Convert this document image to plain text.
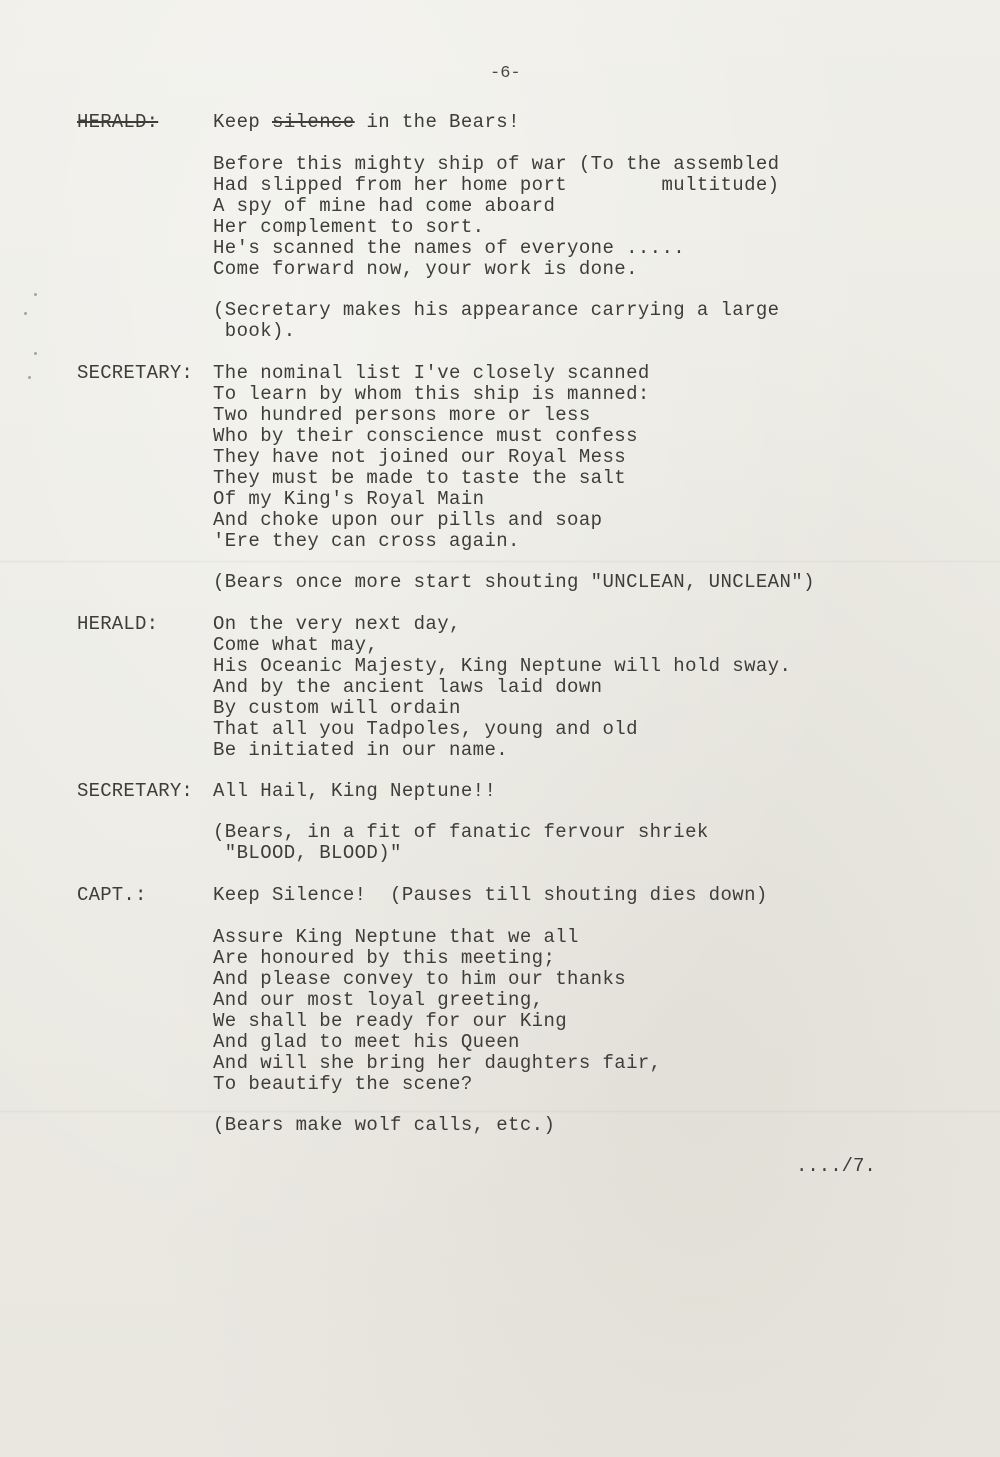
-6-
HERALD:	Keep silence in the Bears!
Before this mighty ship of war (To the assembled
Had slipped from her home port        multitude)
A spy of mine had come aboard
Her complement to sort.
He's scanned the names of everyone .....
Come forward now, your work is done.
(Secretary makes his appearance carrying a large
book).
SECRETARY: The nominal list I've closely scanned
To learn by whom this ship is manned:
Two hundred persons more or less
Who by their conscience must confess
They have not joined our Royal Mess
They must be made to taste the salt
Of my King's Royal Main
And choke upon our pills and soap
'Ere they can cross again.
(Bears once more start shouting "UNCLEAN, UNCLEAN")
HERALD:	On the very next day,
Come what may,
His Oceanic Majesty, King Neptune will hold sway.
And by the ancient laws laid down
By custom will ordain
That all you Tadpoles, young and old
Be initiated in our name.
SECRETARY: All Hail, King Neptune!!
(Bears, in a fit of fanatic fervour shriek
"BLOOD, BLOOD)"
CAPT.:	Keep Silence!  (Pauses till shouting dies down)
Assure King Neptune that we all
Are honoured by this meeting;
And please convey to him our thanks
And our most loyal greeting,
We shall be ready for our King
And glad to meet his Queen
And will she bring her daughters fair,
To beautify the scene?
(Bears make wolf calls, etc.)
..../7.
